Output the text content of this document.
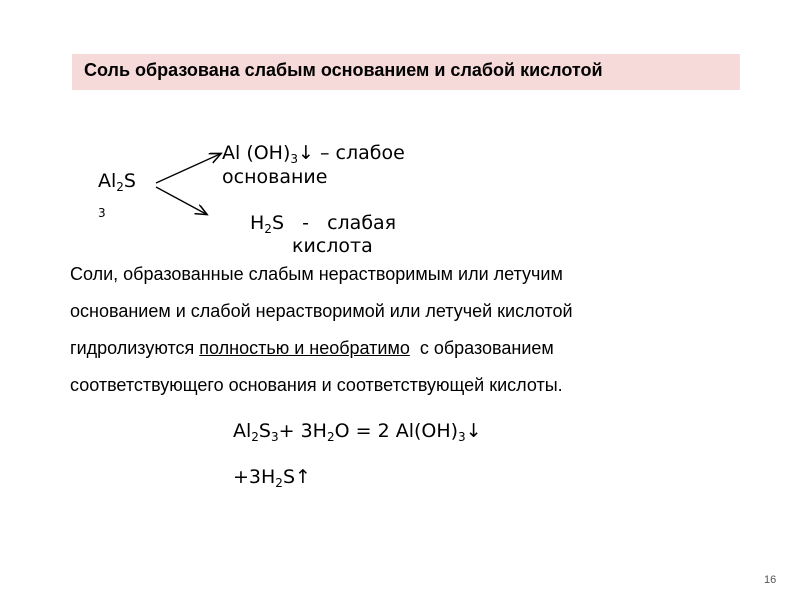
Соль образована слабым основанием и слабой кислотой
$Al_2S$
3
Al $(OH)_3↓$ – слабое
основание
$H_2S$   -   слабая
кислота

Соли, образованные слабым нерастворимым или летучим

основанием и слабой нерастворимой или летучей кислотой

гидролизуются полностью и необратимо  с образованием

соответствующего основания и соответствующей кислоты.

$Al_2S_3+ 3H_2O = 2$ $Al(OH)_3↓$
$+3H_2S↑$
16
